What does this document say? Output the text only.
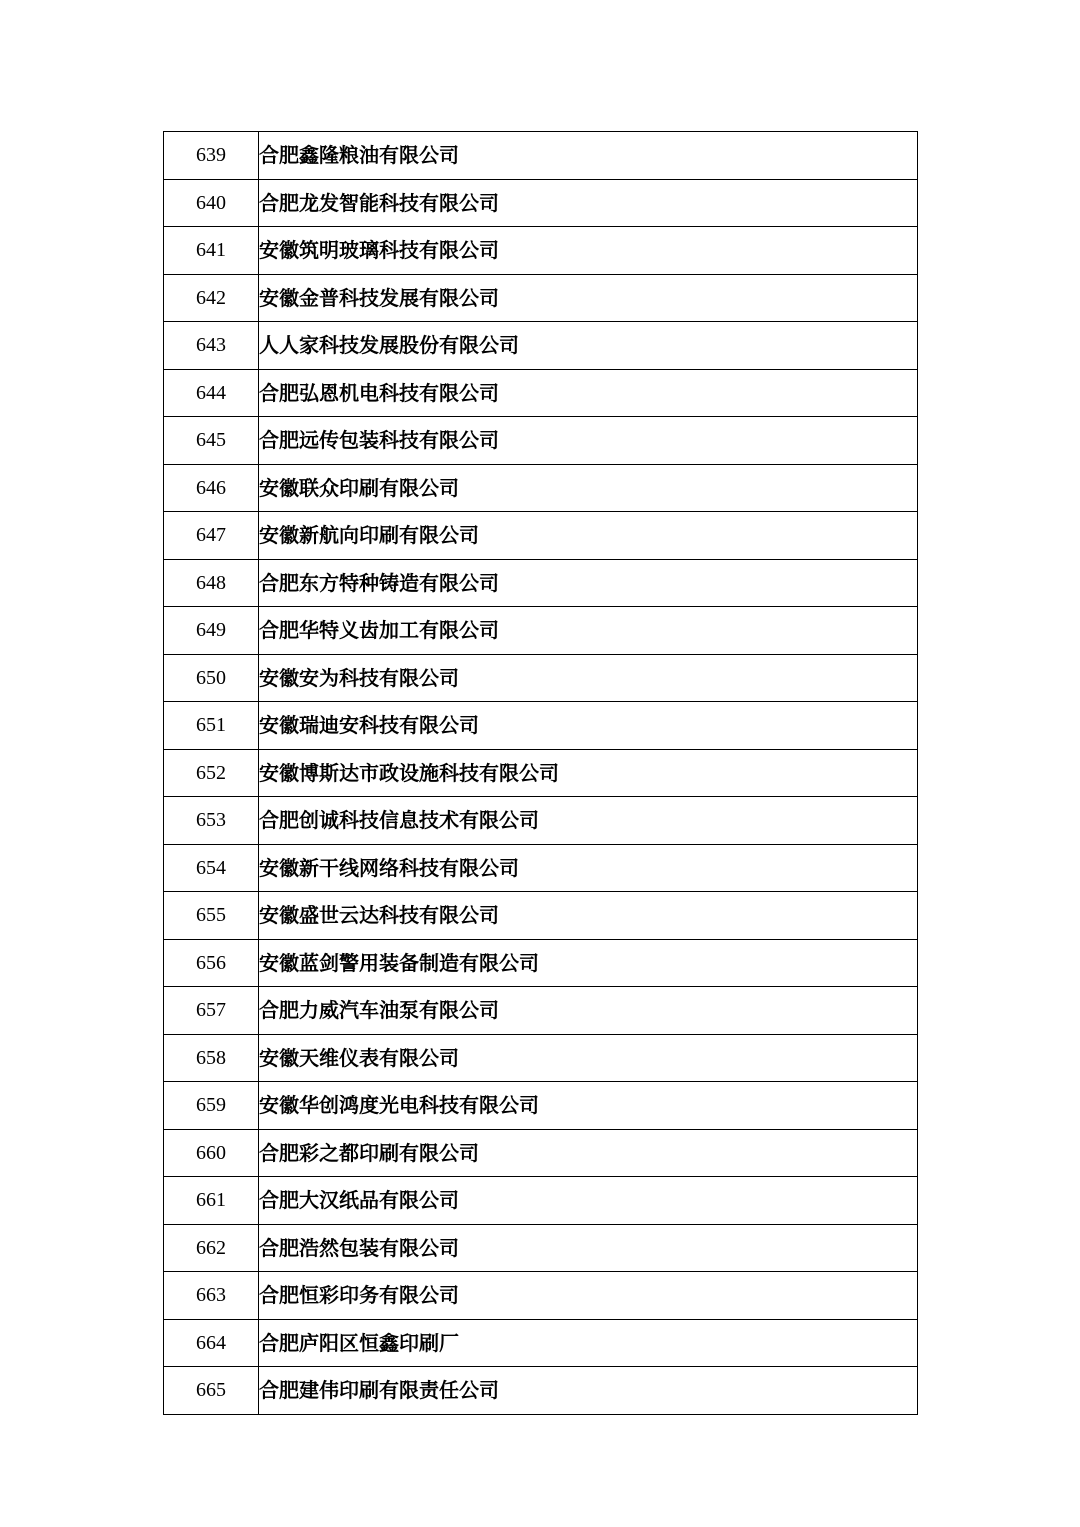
639	合肥鑫隆粮油有限公司
640	合肥龙发智能科技有限公司
641	安徽筑明玻璃科技有限公司
642	安徽金普科技发展有限公司
643	人人家科技发展股份有限公司
644	合肥弘恩机电科技有限公司
645	合肥远传包装科技有限公司
646	安徽联众印刷有限公司
647	安徽新航向印刷有限公司
648	合肥东方特种铸造有限公司
649	合肥华特义齿加工有限公司
650	安徽安为科技有限公司
651	安徽瑞迪安科技有限公司
652	安徽博斯达市政设施科技有限公司
653	合肥创诚科技信息技术有限公司
654	安徽新干线网络科技有限公司
655	安徽盛世云达科技有限公司
656	安徽蓝剑警用装备制造有限公司
657	合肥力威汽车油泵有限公司
658	安徽天维仪表有限公司
659	安徽华创鸿度光电科技有限公司
660	合肥彩之都印刷有限公司
661	合肥大汉纸品有限公司
662	合肥浩然包装有限公司
663	合肥恒彩印务有限公司
664	合肥庐阳区恒鑫印刷厂
665	合肥建伟印刷有限责任公司
